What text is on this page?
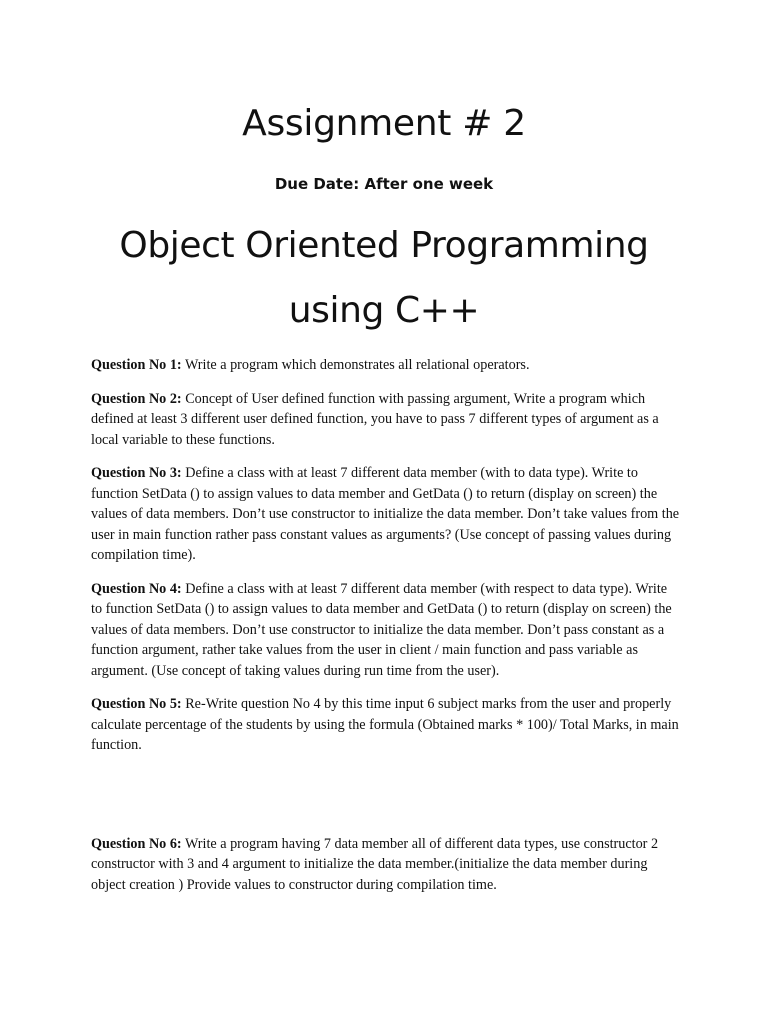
Assignment # 2
Due Date: After one week
Object Oriented Programming
using C++

Question No 1: Write a program which demonstrates all relational operators.

Question No 2: Concept of User defined function with passing argument, Write a program which defined at least 3 different user defined function, you have to pass 7 different types of argument as a local variable to these functions.

Question No 3: Define a class with at least 7 different data member (with to data type). Write to function SetData () to assign values to data member and GetData () to return (display on screen) the values of data members. Don’t use constructor to initialize the data member. Don’t take values from the user in main function rather pass constant values as arguments? (Use concept of passing values during compilation time).

Question No 4: Define a class with at least 7 different data member (with respect to data type). Write to function SetData () to assign values to data member and GetData () to return (display on screen) the values of data members. Don’t use constructor to initialize the data member. Don’t pass constant as a function argument, rather take values from the user in client / main function and pass variable as argument. (Use concept of taking values during run time from the user).

Question No 5: Re-Write question No 4 by this time input 6 subject marks from the user and properly calculate percentage of the students by using the formula (Obtained marks * 100)/ Total Marks, in main function.

Question No 6: Write a program having 7 data member all of different data types, use constructor 2 constructor with 3 and 4 argument to initialize the data member.(initialize the data member during object creation ) Provide values to constructor during compilation time.
